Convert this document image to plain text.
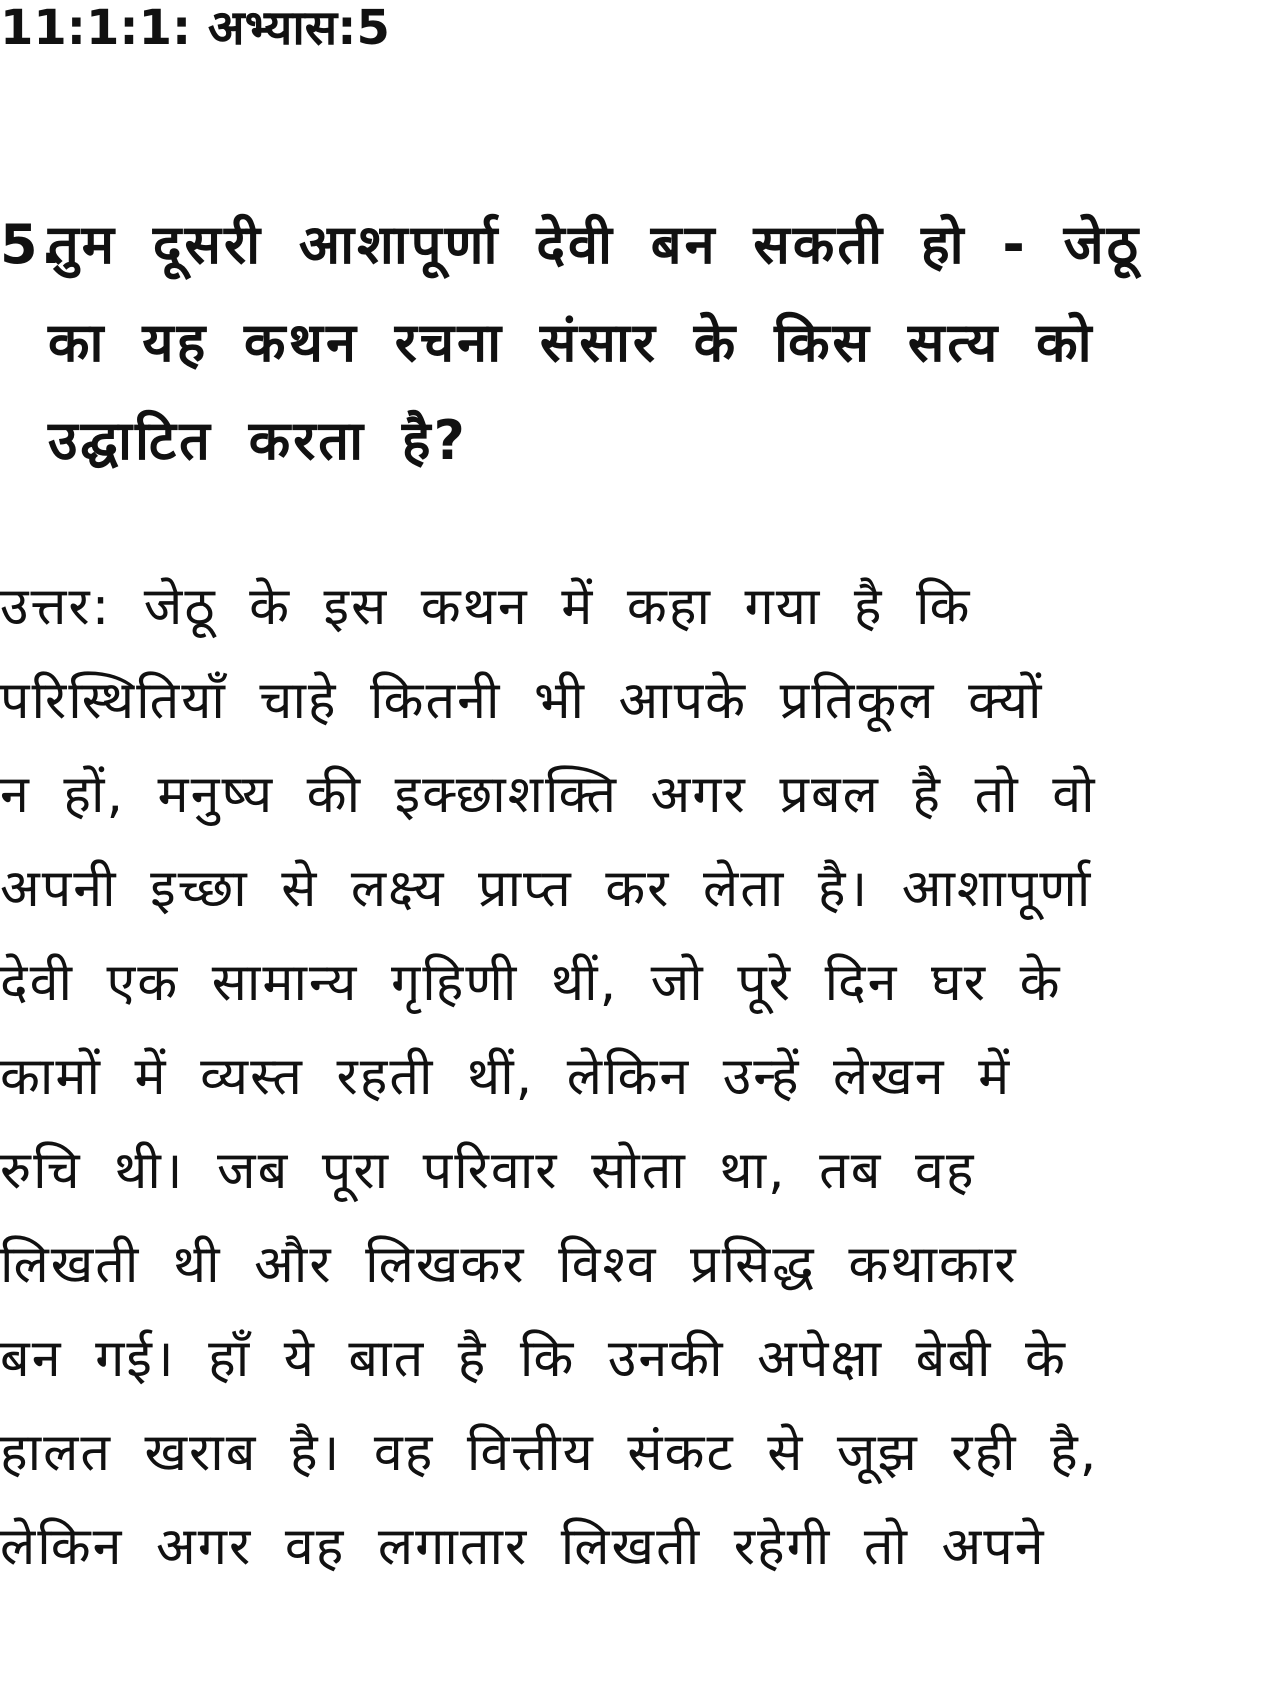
11:1:1: अभ्यास:5
5.
तुम दूसरी आशापूर्णा देवी बन सकती हो - जेठू
का यह कथन रचना संसार के किस सत्य को
उद्घाटित करता है?
उत्तर: जेठू के इस कथन में कहा गया है कि
परिस्थितियाँ चाहे कितनी भी आपके प्रतिकूल क्यों
न हों, मनुष्य की इक्छाशक्ति अगर प्रबल है तो वो
अपनी इच्छा से लक्ष्य प्राप्त कर लेता है। आशापूर्णा
देवी एक सामान्य गृहिणी थीं, जो पूरे दिन घर के
कामों में व्यस्त रहती थीं, लेकिन उन्हें लेखन में
रुचि थी। जब पूरा परिवार सोता था, तब वह
लिखती थी और लिखकर विश्व प्रसिद्ध कथाकार
बन गई। हाँ ये बात है कि उनकी अपेक्षा बेबी के
हालत खराब है। वह वित्तीय संकट से जूझ रही है,
लेकिन अगर वह लगातार लिखती रहेगी तो अपने
